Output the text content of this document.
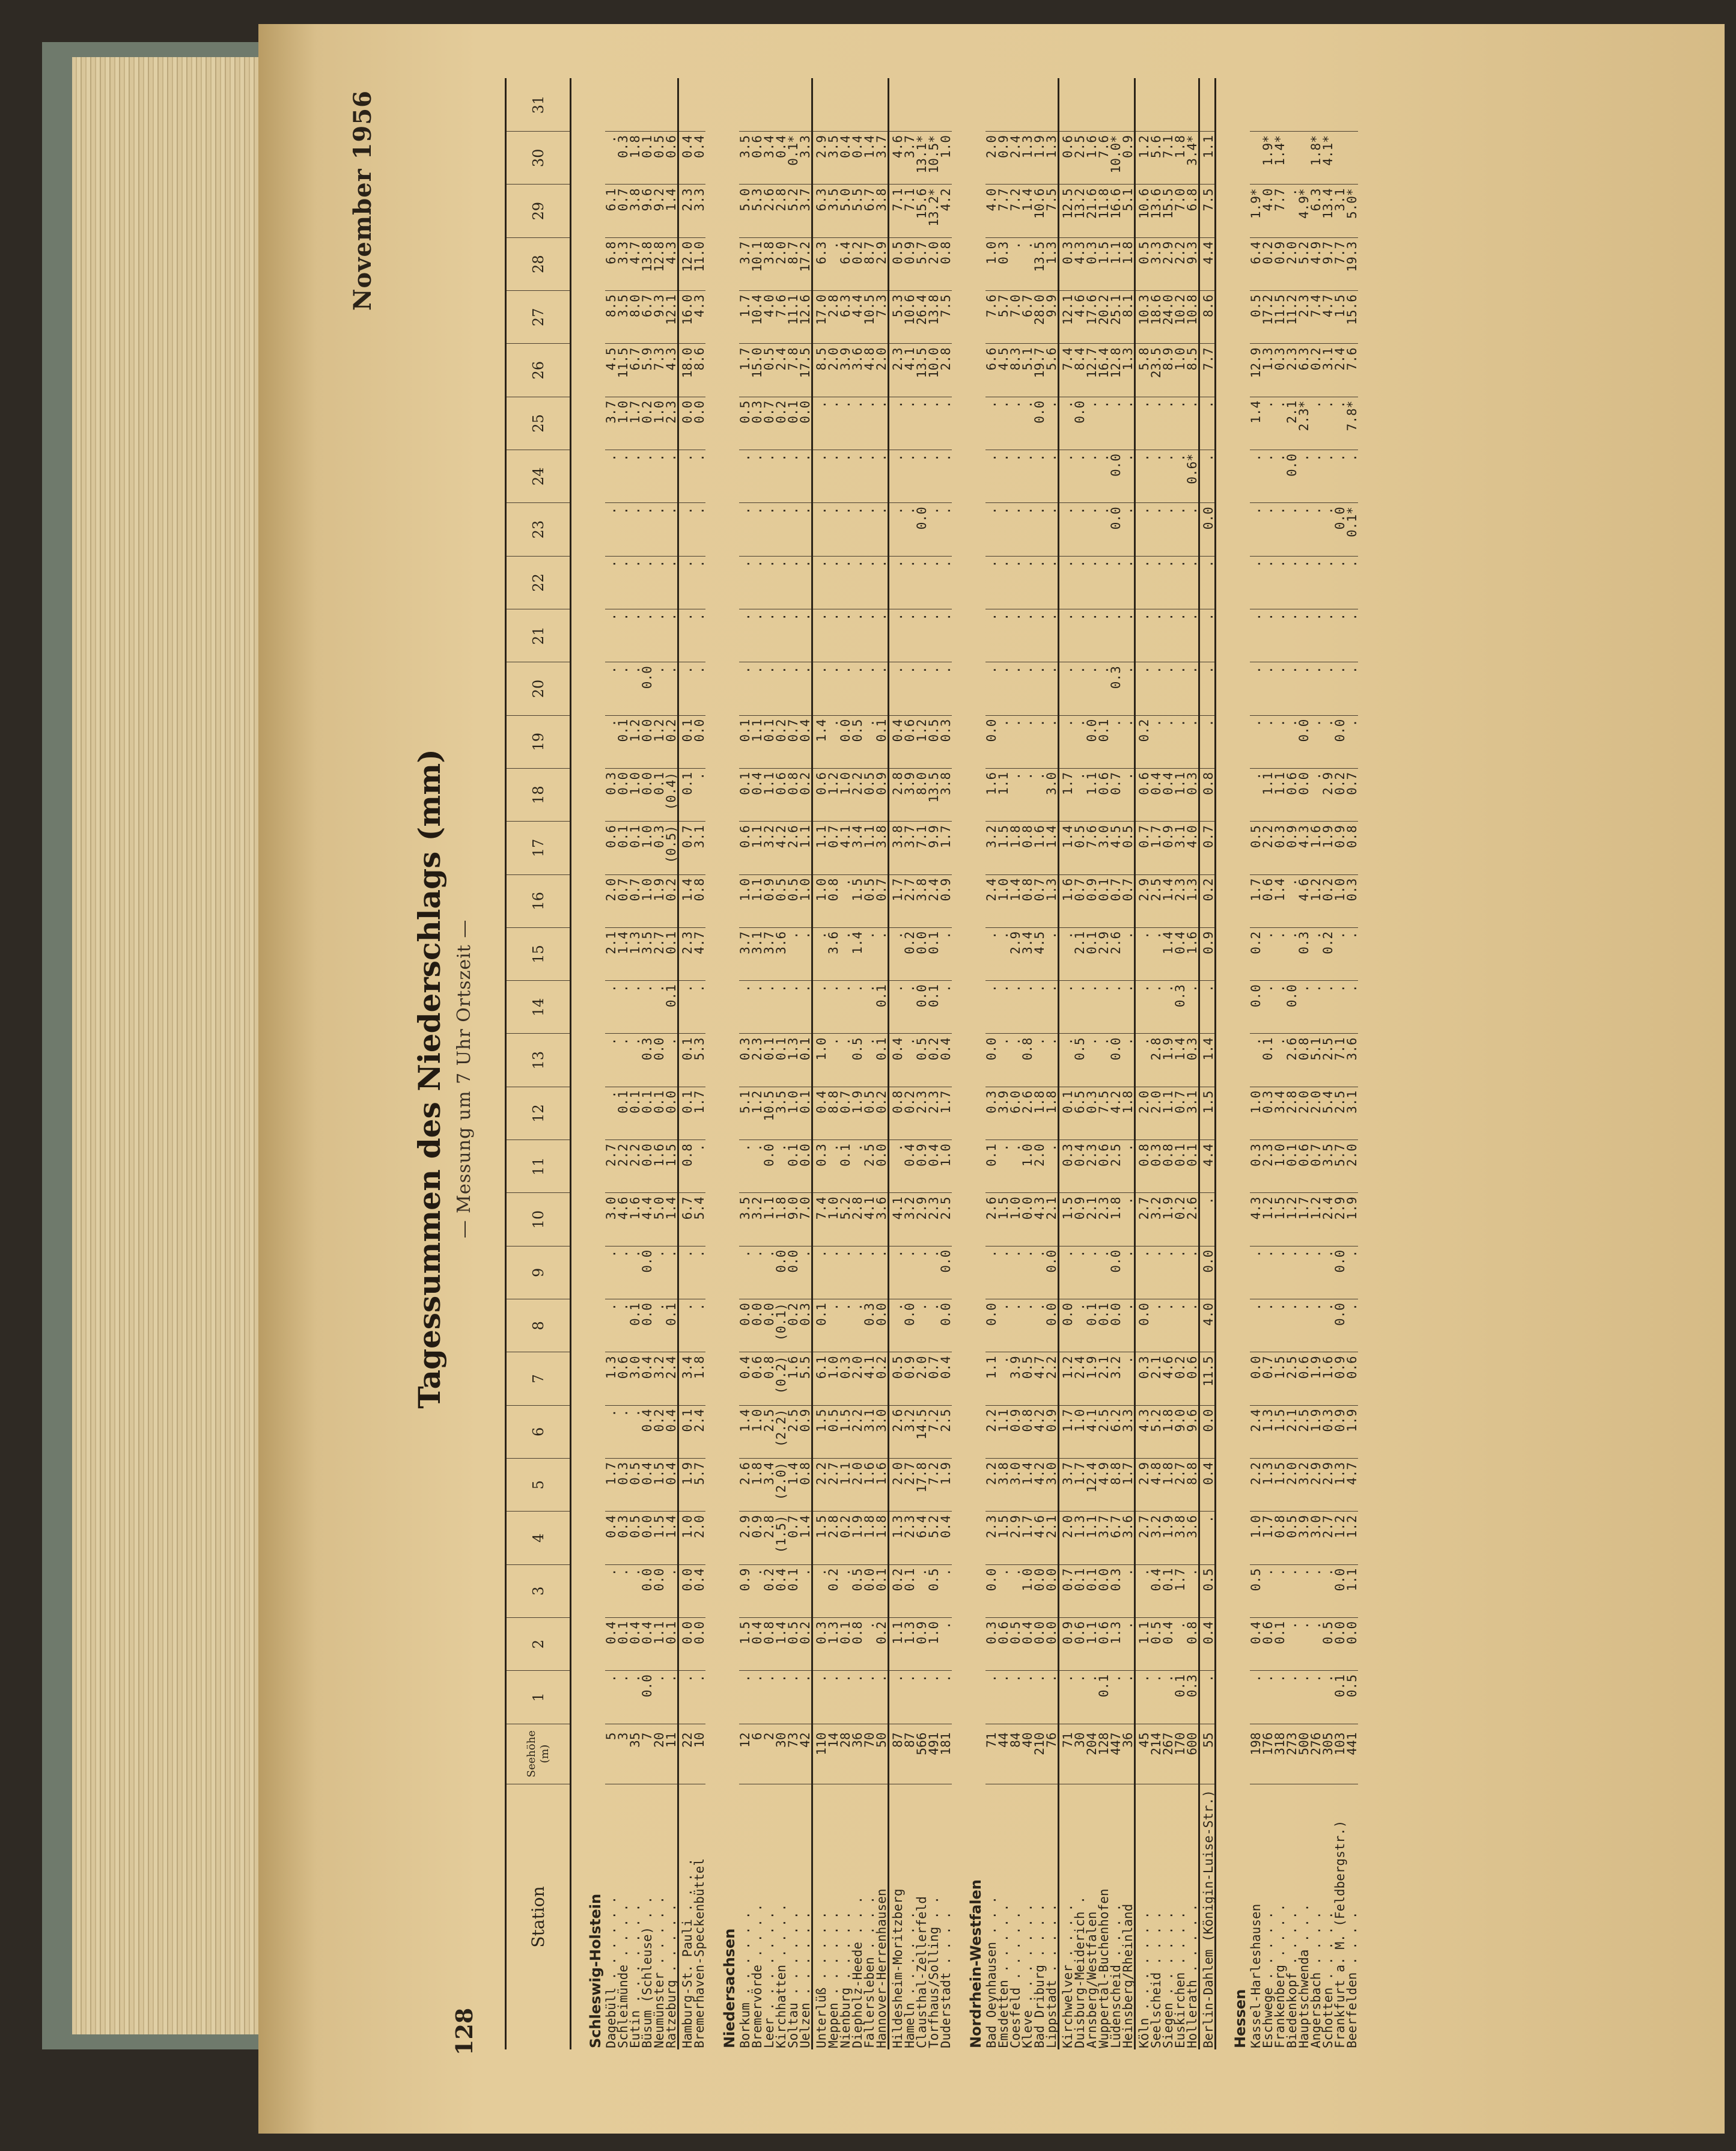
128
November 1956
Tagessummen des Niederschlags (mm) — Messung um 7 Uhr Ortszeit —
Station	Seehöhe (m)	1	2	3	4	5	6	7	8	9	10	11	12	13	14	15	16	17	18	19	20	21	22	23	24	25	26	27	28	29	30	31
Schleswig-Holstein																																
Dagebüll . . . . . .	5	.	0.4	.	0.4	1.7	.	1.3	.	.	3.0	2.7	.	.	.	2.1	2.0	0.6	0.3	.	.	.	.	.	.	3.7	4.5	8.5	6.8	6.1	.	
Schleimünde . . . .	3	.	0.1	.	0.3	0.3	.	0.6	.	.	4.6	2.2	0.1	.	.	1.4	0.7	0.1	0.0	0.1	.	.	.	.	.	1.0	11.5	3.5	3.3	0.7	0.3	
Eutin . . . . . . .	35	.	0.4	.	0.5	0.5	.	3.0	0.1	.	1.6	2.2	0.1	.	.	1.3	0.7	0.1	1.0	1.2	.	.	.	.	.	1.7	6.7	8.0	4.7	3.8	1.8	
Büsum (Schleuse) . .	7	0.0	0.4	0.0	0.0	0.4	0.4	0.4	0.0	0.0	4.4	0.0	0.1	0.3	.	3.5	1.0	1.0	0.0	0.0	0.0	.	.	.	.	0.2	5.9	6.7	13.8	9.6	0.1	
Neumünster . . . . .	20	.	1.1	0.0	1.5	1.5	0.2	3.2	.	.	5.0	1.6	0.1	0.0	.	2.7	1.9	0.3	0.1	1.2	.	.	.	.	.	1.0	7.3	9.3	12.8	9.2	0.5	
Ratzeburg . . . . .	11	.	0.1	.	1.4	0.4	0.4	2.4	0.1	.	1.4	1.5	0.0	.	0.1	0.1	0.2	(0.5)	(0.4)	0.2	.	.	.	.	.	2.3	4.3	12.1	4.3	1.4	0.6	
Hamburg-St. Pauli . . . .	22	.	0.0	0.0	1.0	1.9	0.1	3.4	.	.	6.7	0.8	0.1	0.1	.	2.3	1.4	0.7	0.1	0.1	.	.	.	.	.	0.0	18.0	16.0	12.0	2.3	0.4	
Bremerhaven-Speckenbüttel	10	.	0.0	0.4	2.0	5.7	2.4	1.8	.	.	5.4	.	1.7	5.3	.	4.7	0.8	3.1	.	0.0	.	.	.	.	.	0.0	8.6	4.3	11.0	3.3	0.4	
Niedersachsen																																
Borkum . . . . . .	12	.	1.5	0.9	2.9	2.6	1.4	0.4	0.0	.	3.5	.	5.1	0.3	.	3.7	1.0	0.6	0.1	0.1	.	.	.	.	.	0.5	1.7	1.7	3.7	5.0	3.5	
Bremervörde . . . .	6	.	0.4	.	0.9	1.8	1.0	0.6	0.0	.	3.2	.	1.2	2.3	.	3.1	1.1	1.1	0.4	1.1	.	.	.	.	.	0.3	15.0	10.4	10.1	5.3	0.6	
Leer . . . . . . .	2	.	0.8	0.2	2.8	3.4	2.5	0.8	0.0	.	1.1	0.0	10.5	0.1	.	3.7	0.9	3.2	1.1	0.1	.	.	.	.	.	0.7	0.5	4.0	3.8	2.6	3.4	
Kirchhatten . . . .	30	.	1.4	0.4	(1.5)	(2.0)	(2.2)	(0.2)	(0.1)	0.0	1.8	.	3.5	0.1	.	3.6	0.5	4.2	0.6	0.2	.	.	.	.	.	0.2	2.4	7.6	2.0	2.8	0.4	
Soltau . . . . . .	73	.	0.5	0.1	0.7	1.4	2.5	1.6	0.2	0.0	9.0	0.1	1.0	1.3	.	.	0.5	2.6	0.8	0.7	.	.	.	.	.	0.1	7.8	11.1	8.7	5.2	0.1*	
Uelzen . . . . . .	42	.	0.2	.	1.4	0.8	0.9	5.5	0.3	.	7.0	0.0	0.1	0.1	.	.	1.0	1.1	0.2	0.4	.	.	.	.	.	0.0	17.5	12.6	17.2	3.7	3.3	
Unterlüß . . . . .	110	.	0.3	.	1.5	2.2	1.5	6.1	0.1	.	7.4	0.3	0.4	1.0	.	.	1.0	1.1	0.6	1.4	.	.	.	.	.	.	8.5	17.0	6.3	6.3	2.9	
Meppen . . . . . .	14	.	1.3	0.2	2.8	2.7	0.5	1.0	.	.	1.0	.	8.8	.	.	3.6	0.8	0.7	1.2	.	.	.	.	.	.	.	2.0	2.8	.	3.5	3.5	
Nienburg . . . . .	28	.	0.1	.	0.2	1.1	1.5	0.3	.	.	5.2	0.1	0.7	.	.	.	.	4.1	1.0	0.0	.	.	.	.	.	.	3.9	6.3	6.4	5.0	0.4	
Diepholz-Heede . . .	36	.	0.8	0.5	1.9	2.0	2.2	2.0	.	.	2.8	.	1.9	0.5	.	1.4	1.5	3.4	2.2	0.5	.	.	.	.	.	.	3.6	4.4	0.2	5.5	0.4	
Fallersleben . . . .	70	.	.	0.0	1.8	1.6	3.1	4.1	0.3	.	4.1	2.5	0.5	.	.	.	0.5	1.1	0.5	.	.	.	.	.	.	.	4.8	10.5	8.7	6.7	1.4	
Hannover-Herrenhausen	50	.	0.2	0.1	1.8	1.6	3.0	0.2	0.0	.	3.6	0.0	0.2	0.1	0.1	.	0.7	3.8	0.9	0.1	.	.	.	.	.	.	2.0	7.3	2.9	3.8	3.7	
Hildesheim-Moritzberg	87	.	1.1	0.2	1.3	2.0	2.6	0.5	.	.	4.1	.	0.8	0.4	.	.	1.7	3.8	2.8	0.4	.	.	.	.	.	.	2.3	5.3	0.5	7.1	4.6	
Hameln . . . . . .	87	.	1.3	0.1	2.3	2.7	3.2	0.9	0.0	.	3.2	0.4	0.2	.	.	0.2	2.7	3.7	3.9	0.6	.	.	.	.	.	.	4.1	10.6	0.9	7.1	3.7	
Clausthal-Zellerfeld	566	.	0.9	.	6.4	17.8	14.5	2.0	.	.	2.9	0.9	2.3	0.5	0.0	0.0	3.8	7.1	8.0	1.2	.	.	.	0.0	.	.	13.5	26.4	5.7	15.6	13.1*	
Torfhaus/Solling . .	491	.	1.0	0.5	5.2	7.2	7.2	0.7	.	.	2.3	0.4	2.3	0.2	0.1	0.1	2.4	9.9	13.5	0.5	.	.	.	.	.	.	10.0	13.8	2.0	13.2*	10.5*	
Duderstadt . . . .	181	.	.	.	0.4	1.9	2.5	0.4	0.0	0.0	2.5	1.0	1.7	0.4	.	.	0.9	1.7	3.8	0.3	.	.	.	.	.	.	2.8	7.5	0.8	4.2	1.0	
Nordrhein-Westfalen																																
Bad Oeynhausen . . .	71	.	0.3	0.0	2.3	2.2	2.2	1.1	0.0	.	2.6	0.1	0.3	0.0	.	.	2.4	3.2	1.6	0.0	.	.	.	.	.	.	6.6	7.6	1.0	4.0	2.0	
Emsdetten . . . . .	44	.	0.6	.	1.5	3.8	1.1	.	.	.	1.5	.	3.9	.	.	.	1.0	1.5	1.1	.	.	.	.	.	.	.	4.5	5.7	0.3	7.7	0.9	
Coesfeld . . . . .	84	.	0.5	.	2.9	3.0	0.9	3.9	.	.	1.0	.	6.0	.	.	2.9	1.4	1.8	.	.	.	.	.	.	.	.	8.3	7.0	.	7.2	2.4	
Kleve . . . . . . .	40	.	0.4	1.0	1.7	1.4	0.8	0.5	.	.	0.0	1.0	2.6	0.8	.	3.4	0.8	0.8	.	.	.	.	.	.	.	.	5.1	6.7	.	1.4	1.3	
Bad Driburg . . . .	210	.	0.0	0.0	4.6	4.2	4.2	4.7	.	.	4.3	2.0	1.8	.	.	4.5	0.7	1.6	.	.	.	.	.	.	.	0.0	19.7	28.0	13.5	10.6	1.9	
Lippstadt . . . . .	76	.	0.0	0.0	2.1	3.0	0.9	2.2	0.0	0.0	2.1	.	1.8	.	.	.	1.3	1.4	3.0	.	.	.	.	.	.	.	5.6	9.9	1.3	7.5	1.3	
Kirchwelver . . . .	71	.	0.9	0.7	2.0	3.7	1.7	1.2	0.0	.	1.5	0.3	0.1	.	.	.	1.6	1.4	1.7	.	.	.	.	.	.	.	7.4	12.1	0.3	12.5	0.6	
Duisburg-Meiderich .	30	.	0.6	0.1	1.3	1.7	1.0	2.4	.	.	0.9	0.4	6.5	0.5	.	2.1	0.7	0.5	.	.	.	.	.	.	.	0.0	8.4	4.6	4.3	13.2	2.5	
Arnsberg/Westfalen	204	.	1.1	0.1	1.1	12.4	4.1	1.9	0.1	.	2.1	2.3	0.3	.	.	0.1	0.9	7.6	1.1	0.0	.	.	.	.	.	.	12.7	17.6	0.3	21.6	1.6	
Wuppertal-Buchenhofen	128	0.1	0.6	0.0	3.7	4.9	2.5	2.1	0.1	.	2.3	0.6	7.5	.	.	2.9	0.1	3.0	0.6	0.1	.	.	.	.	.	.	16.4	20.2	1.5	11.8	7.6	
Lüdenscheid . . . .	447	.	1.3	0.3	6.7	8.8	6.2	3.2	0.0	0.0	1.8	2.5	4.2	0.0	.	2.6	0.7	4.5	0.7	.	0.3	.	.	0.0	0.0	.	12.8	25.1	1.1	16.6	10.0*	
Heinsberg/Rheinland	36	.	.	.	3.6	1.7	3.3	.	.	.	.	.	1.8	.	.	.	0.7	0.5	.	.	.	.	.	.	.	.	1.3	8.1	1.8	5.1	0.9	
Köln . . . . . . .	45	.	1.1	.	2.7	2.9	4.3	0.3	0.0	.	2.7	0.8	2.0	.	.	.	2.9	0.7	0.6	0.2	.	.	.	.	.	.	5.8	10.3	0.5	10.6	1.2	
Seelscheid . . . .	214	.	0.5	0.4	3.2	4.8	5.2	2.1	.	.	3.2	0.3	2.0	2.8	.	.	2.5	1.7	0.4	.	.	.	.	.	.	.	23.5	18.6	3.3	13.6	5.6	
Siegen . . . . . .	267	.	0.4	0.1	1.9	1.8	1.8	4.6	.	.	1.9	0.8	1.1	1.9	.	1.4	1.4	0.9	0.4	.	.	.	.	.	.	.	8.9	24.0	2.9	15.5	7.1	
Euskirchen . . . .	170	0.1	.	1.7	3.8	2.7	9.0	0.2	.	.	0.2	0.1	0.7	1.4	0.3	0.4	2.3	3.1	1.1	.	.	.	.	.	.	.	1.0	10.2	2.2	7.0	1.8	
Hollerath . . . . .	600	0.3	0.8	.	3.6	8.8	9.6	0.6	.	.	2.6	0.1	3.1	0.3	.	1.6	1.3	4.0	0.3	.	.	.	.	.	0.6*	.	8.5	10.8	9.3	6.8	3.4*	
Berlin-Dahlem (Königin-Luise-Str.)	55	.	0.4	0.5	.	0.4	0.0	11.5	4.0	0.0	.	4.4	1.5	1.4	.	0.9	0.2	0.7	0.8	.	.	.	.	0.0	.	.	7.7	8.6	4.4	7.5	1.1	
Hessen																																
Kassel-Harleshausen	198	.	0.4	0.5	1.0	2.2	2.4	0.0	.	.	4.3	0.3	1.0	.	0.0	0.2	1.7	0.5	.	.	.	.	.	.	.	1.4	12.9	0.5	6.4	1.9*		
Eschwege . . . . .	176	.	0.6	.	1.7	1.3	1.3	0.7	.	.	1.2	2.3	0.3	0.1	.	.	0.6	2.2	1.1	.	.	.	.	.	.	.	1.3	17.2	0.2	4.0	1.9*	
Frankenberg . . . .	318	.	0.1	.	0.8	1.5	1.5	1.5	.	.	1.5	1.0	3.4	.	.	.	1.4	0.3	1.1	.	.	.	.	.	.	.	0.3	11.5	0.9	7.7	1.4*	
Biedenkopf . . . .	273	.	.	.	0.5	2.0	2.1	2.5	.	.	1.2	0.1	2.8	2.6	0.0	.	.	0.9	0.6	.	.	.	.	.	0.0	2.1	2.3	11.2	2.0	.		
Hauptschwenda . . .	500	.	.	.	3.9	3.2	2.5	0.6	.	.	1.7	0.6	2.0	0.8	.	0.3	4.6	4.3	0.0	0.0	.	.	.	.	.	2.3*	6.3	2.3	5.2	4.9*		
Angersbach . . . .	276	.	.	.	3.0	2.9	1.9	1.9	.	.	1.2	0.7	2.0	5.1	.	.	1.2	1.6	.	.	.	.	.	.	.	.	0.2	7.4	4.9	6.3	1.8*	
Schotten . . . . .	305	.	0.5	.	2.7	2.9	0.3	1.6	.	.	2.4	3.5	5.4	2.5	.	0.2	0.2	1.9	2.9	.	.	.	.	.	.	.	3.1	4.7	9.7	13.4	4.1*	
Frankfurt a. M. (Feldbergstr.)	103	0.1	0.0	0.0	1.2	1.3	0.9	0.9	0.0	0.0	2.9	5.7	2.5	7.1	.	.	1.0	0.9	0.2	0.0	.	.	.	0.0	.	.	2.4	1.5	7.7	3.1		
Beerfelden . . . .	441	0.5	0.0	1.1	1.2	4.7	1.9	0.6	.	.	1.9	2.0	3.1	3.6	.	.	0.3	0.8	0.7	.	.	.	.	0.1*	.	7.8*	7.6	15.6	19.3	5.0*		
